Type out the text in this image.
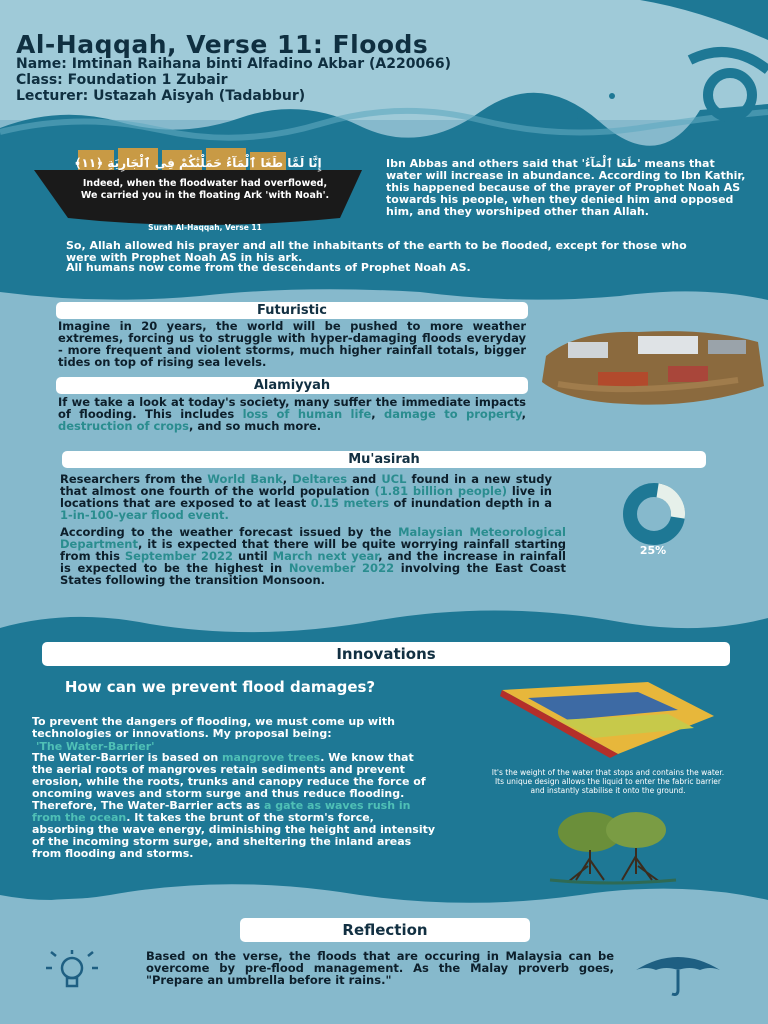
Al-Haqqah, Verse 11: Floods
Name: Imtinan Raihana binti Alfadino Akbar (A220066)
Class: Foundation 1 Zubair
Lecturer: Ustazah Aisyah (Tadabbur)
إِنَّا لَمَّا طَغَا ٱلْمَآءُ حَمَلْنَٰكُمْ فِى ٱلْجَارِيَةِ ﴿١١﴾
Indeed, when the floodwater had overflowed, We carried you in the floating Ark 'with Noah'.
Surah Al-Haqqah, Verse 11
Ibn Abbas and others said that 'طَغَا ٱلْمَآءُ' means that water will increase in abundance. According to Ibn Kathir, this happened because of the prayer of Prophet Noah AS towards his people, when they denied him and opposed him, and they worshiped other than Allah.
So, Allah allowed his prayer and all the inhabitants of the earth to be flooded, except for those who were with Prophet Noah AS in his ark.
All humans now come from the descendants of Prophet Noah AS.
Futuristic
Imagine in 20 years, the world will be pushed to more weather extremes, forcing us to struggle with hyper-damaging floods everyday - more frequent and violent storms, much higher rainfall totals, bigger tides on top of rising sea levels.
Alamiyyah
If we take a look at today's society, many suffer the immediate impacts of flooding. This includes loss of human life, damage to property, destruction of crops, and so much more.
Mu'asirah
Researchers from the World Bank, Deltares and UCL found in a new study that almost one fourth of the world population (1.81 billion people) live in locations that are exposed to at least 0.15 meters of inundation depth in a 1-in-100-year flood event.
According to the weather forecast issued by the Malaysian Meteorological Department, it is expected that there will be quite worrying rainfall starting from this September 2022 until March next year, and the increase in rainfall is expected to be the highest in November 2022 involving the East Coast States following the transition Monsoon.
25%
Innovations
How can we prevent flood damages?
To prevent the dangers of flooding, we must come up with technologies or innovations. My proposal being:
'The Water-Barrier'
The Water-Barrier is based on mangrove trees. We know that the aerial roots of mangroves retain sediments and prevent erosion, while the roots, trunks and canopy reduce the force of oncoming waves and storm surge and thus reduce flooding. Therefore, The Water-Barrier acts as a gate as waves rush in from the ocean. It takes the brunt of the storm's force, absorbing the wave energy, diminishing the height and intensity of the incoming storm surge, and sheltering the inland areas from flooding and storms.
It's the weight of the water that stops and contains the water. Its unique design allows the liquid to enter the fabric barrier and instantly stabilise it onto the ground.
Reflection
Based on the verse, the floods that are occuring in Malaysia can be overcome by pre-flood management. As the Malay proverb goes, "Prepare an umbrella before it rains."
